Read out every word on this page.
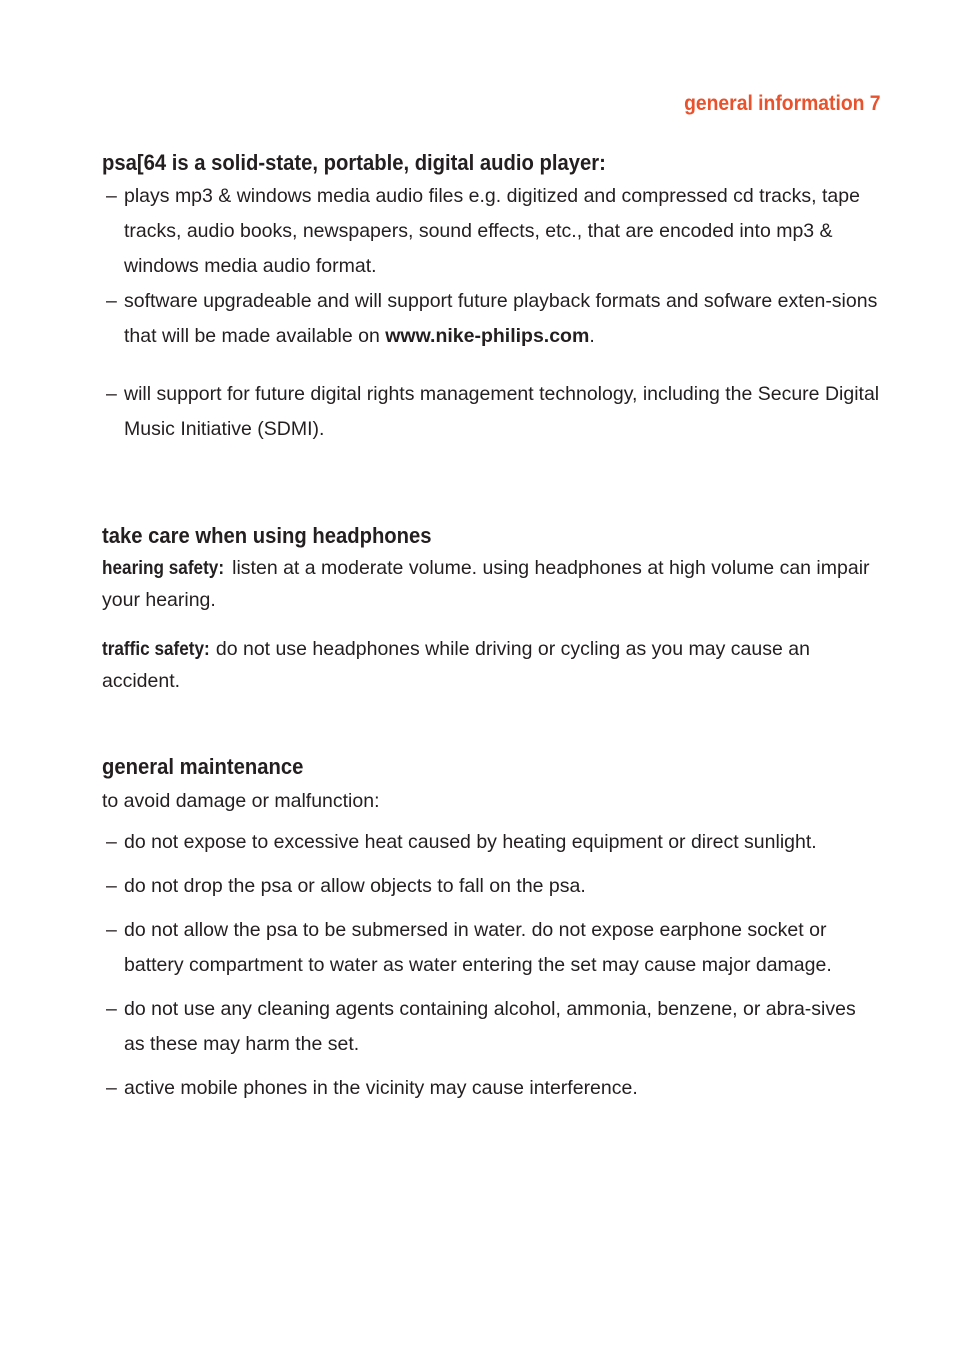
general information 7
psa[64 is a solid-state, portable, digital audio player:
– plays mp3 & windows media audio files e.g. digitized and compressed cd tracks, tape tracks, audio books, newspapers, sound effects, etc., that are encoded into mp3 & windows media audio format.
– software upgradeable and will support future playback formats and sofware exten-sions that will be made available on www.nike-philips.com.
– will support for future digital rights management technology, including the Secure Digital Music Initiative (SDMI).
take care when using headphones

hearing safety: listen at a moderate volume. using headphones at high volume can impair your hearing.

traffic safety: do not use headphones while driving or cycling as you may cause an accident.

general maintenance

to avoid damage or malfunction:

– do not expose to excessive heat caused by heating equipment or direct sunlight.
– do not drop the psa or allow objects to fall on the psa.
– do not allow the psa to be submersed in water. do not expose earphone socket or battery compartment to water as water entering the set may cause major damage.
– do not use any cleaning agents containing alcohol, ammonia, benzene, or abra-sives as these may harm the set.
– active mobile phones in the vicinity may cause interference.
